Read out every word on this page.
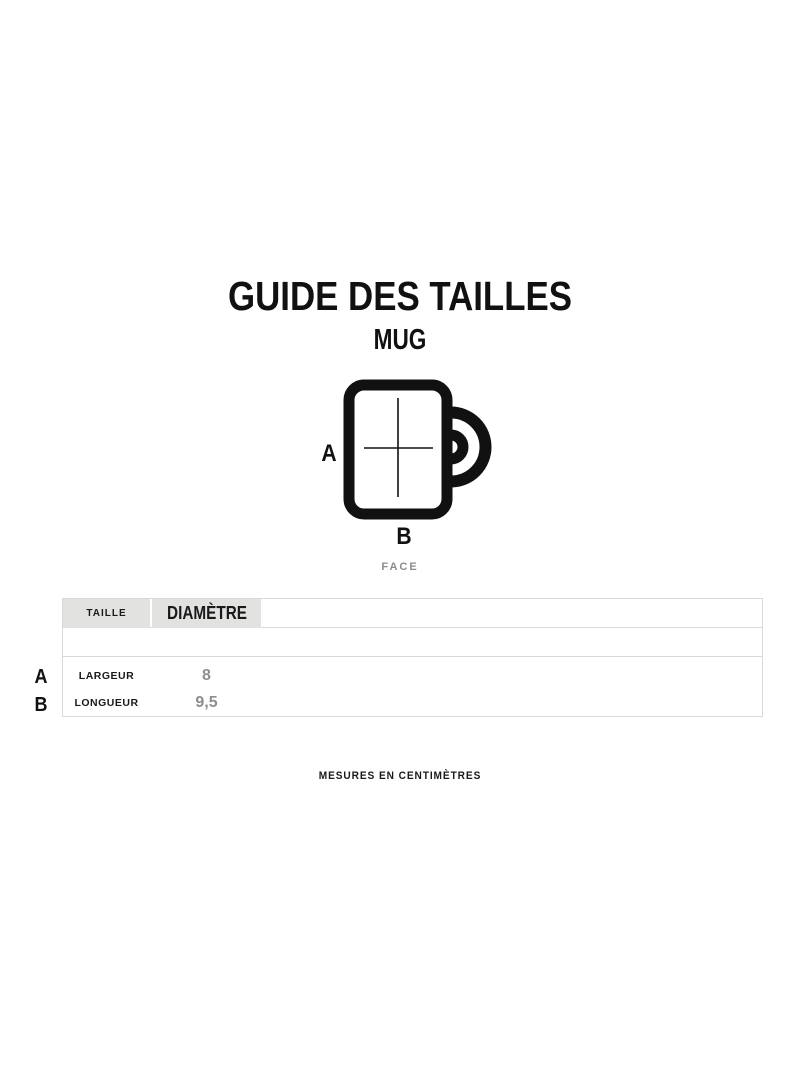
GUIDE DES TAILLES
MUG
A
B
FACE
TAILLE DIAMÈTRE
LARGEUR	8
LONGUEUR	9,5
A
B
MESURES EN CENTIMÈTRES
